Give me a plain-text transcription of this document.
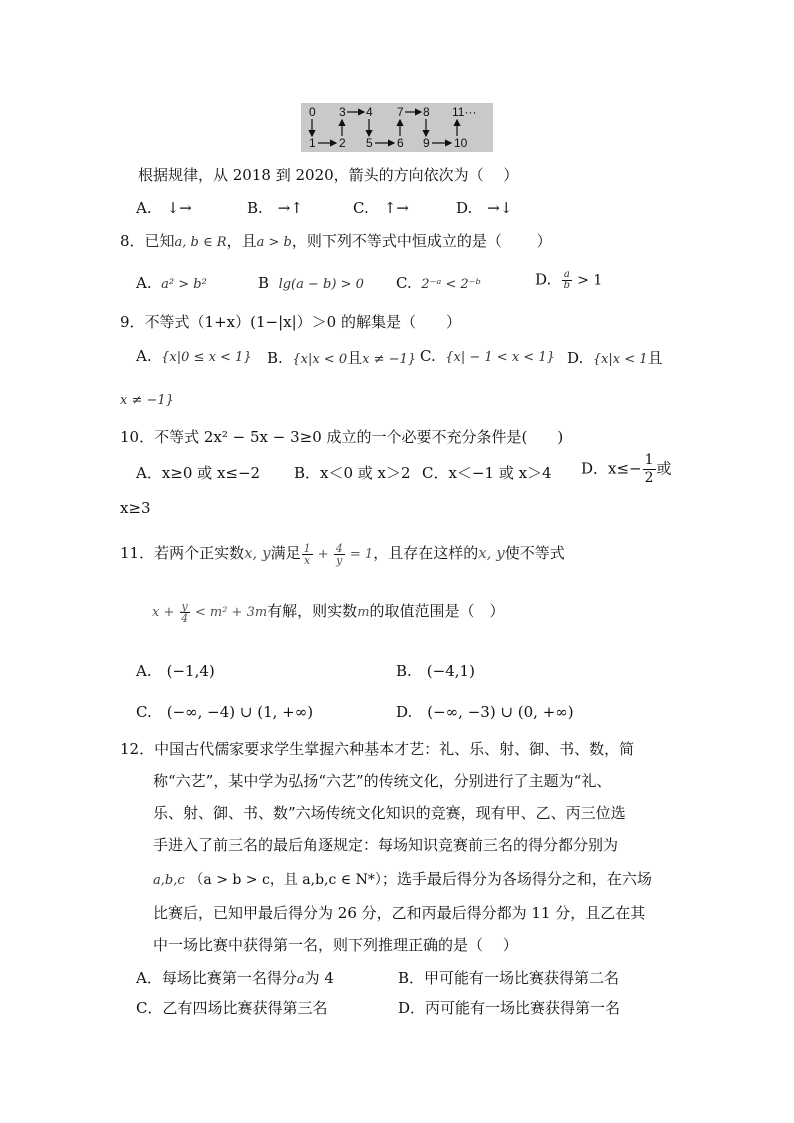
0 3 4 7 8 11···
1 2 5 6 9 10
根据规律，从 2018 到 2020，箭头的方向依次为（　 ）
A.　↓→	B.　→↑	C.　↑→	D.　→↓
8．已知a, b ∈ R，且a > b，则下列不等式中恒成立的是（　 　）
A. a² > b²	B lg(a − b) > 0 C. 2⁻ᵃ < 2⁻ᵇ	D. $\frac{a}{b} > 1$
9．不等式（1+x）(1−|x|）＞0 的解集是（　　）
A. {x|0 ≤ x < 1} B. {x|x < 0且x ≠ −1} C. {x| − 1 < x < 1} D. {x|x < 1且
x ≠ −1}
10．不等式 2x² − 5x − 3≥0 成立的一个必要不充分条件是(　　)
A．x≥0 或 x≤−2 B．x＜0 或 x＞2 C．x＜−1 或 x＞4 D．$x\le- \frac{1}{2}$ 或
x≥3
11．若两个正实数x, y满足 $\frac{1}{x} + \frac{4}{y} = 1$，且存在这样的x, y使不等式
$x + \frac{y}{4} < m^2 + 3m$有解，则实数m的取值范围是（　）
A.　(−1,4)	B.　(−4,1)
C.　(−∞, −4) ∪ (1, +∞)	D.　(−∞, −3) ∪ (0, +∞)
12．中国古代儒家要求学生掌握六种基本才艺：礼、乐、射、御、书、数，简
称“六艺”，某中学为弘扬“六艺”的传统文化，分别进行了主题为“礼、
乐、射、御、书、数”六场传统文化知识的竞赛，现有甲、乙、丙三位选
手进入了前三名的最后角逐规定：每场知识竞赛前三名的得分都分别为
a,b,c （a > b > c，且 a,b,c ∈ N*）；选手最后得分为各场得分之和，在六场
比赛后，已知甲最后得分为 26 分，乙和丙最后得分都为 11 分，且乙在其
中一场比赛中获得第一名，则下列推理正确的是（　 ）
A．每场比赛第一名得分a为 4	B．甲可能有一场比赛获得第二名
C．乙有四场比赛获得第三名	D．丙可能有一场比赛获得第一名
